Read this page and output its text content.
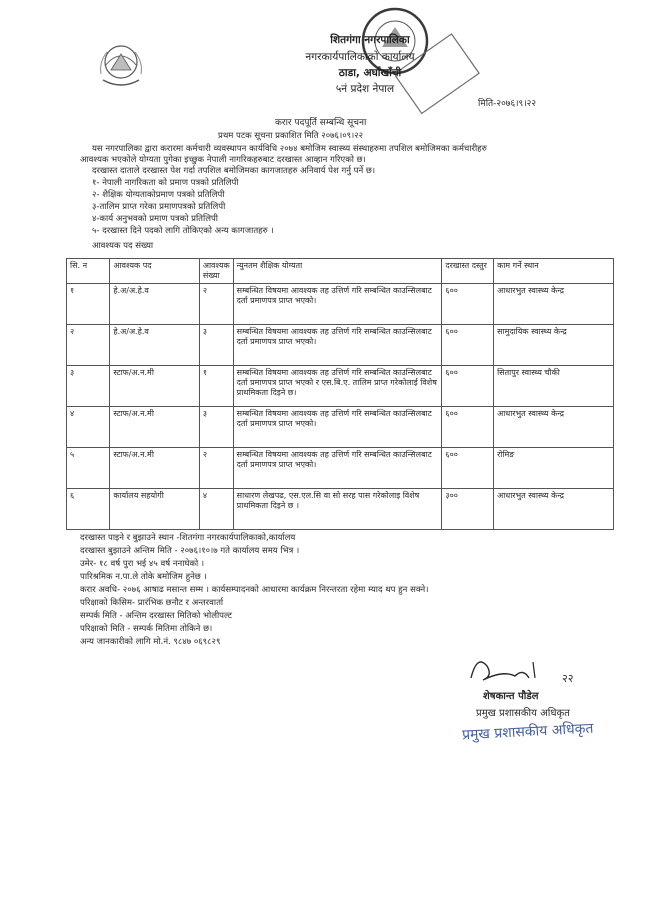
शितगंगा नगरपालिका
नगरकार्यपालिकाको कार्यालय
ठाडा, अर्घाखाँची
५नं प्रदेश नेपाल
मिति-२०७६।९।२२
करार पदपूर्ति सम्बन्धि सूचना
प्रथम पटक सूचना प्रकाशित मिति २०७६।०९।२२
यस नगरपालिका द्वारा करारमा कर्मचारी व्यवस्थापन कार्यविधि २०७४ बमोजिम स्वास्थ्य संस्थाहरुमा तपशिल बमोजिमका कर्मचारीहरु
आवश्यक भएकोले योग्यता पुगेका इच्छुक नेपाली नागरिकहरुबाट दरखास्त आव्हान गरिएको छ।
दरखास्त दाताले दरखास्त पेश गर्दा तपशिल बमोजिमका कागजातहरु अनिवार्य पेश गर्नु पर्ने छ।
१- नेपाली नागरिकता को प्रमाण पत्रको प्रतिलिपी
२- शैक्षिक योग्यताकोप्रमाण पत्रको प्रतिलिपी
३-तालिम प्राप्त गरेका प्रमाणपत्रको प्रतिलिपी
४-कार्य अनुभवको प्रमाण पत्रको प्रतिलिपी
५- दरखास्त दिने पदको लागि तोकिएको अन्य कागजातहरु ।
आवश्यक पद संख्या
सि. न	आवश्यक पद	आवश्यक संख्या	न्युनतम शैक्षिक योग्यता	दरखास्त दस्तुर	काम गर्ने स्थान
१	हे.अ/अ.हे.व	२	सम्बन्धित विषयमा आवश्यक तह उत्तिर्ण गरि सम्बन्धित काउन्सिलबाट दर्ता प्रमाणपत्र प्राप्त भएको।	६००	आधारभुत स्वास्थ्य केन्द्र
२	हे.अ/अ.हे.व	३	सम्बन्धित विषयमा आवश्यक तह उत्तिर्ण गरि सम्बन्धित काउन्सिलबाट दर्ता प्रमाणपत्र प्राप्त भएको।	६००	सामुदायिक स्वास्थ्य केन्द्र
३	स्टाफ/अ.न.मी	१	सम्बन्धित विषयमा आवश्यक तह उत्तिर्ण गरि सम्बन्धित काउन्सिलबाट दर्ता प्रमाणपत्र प्राप्त भएको र एस.बि.ए. तालिम प्राप्त गरेकोलाई विशेष प्राथमिकता दिइने छ।	६००	सितापुर स्वास्थ्य चौकी
४	स्टाफ/अ.न.मी	३	सम्बन्धित विषयमा आवश्यक तह उत्तिर्ण गरि सम्बन्धित काउन्सिलबाट दर्ता प्रमाणपत्र प्राप्त भएको।	६००	आधारभुत स्वास्थ्य केन्द्र
५	स्टाफ/अ.न.मी	२	सम्बन्धित विषयमा आवश्यक तह उत्तिर्ण गरि सम्बन्धित काउन्सिलबाट दर्ता प्रमाणपत्र प्राप्त भएको।	६००	रोमिङ
६	कार्यालय सहयोगी	४	साधारण लेखपढ, एस.एल.सि वा सो सरह पास गरेकोलाइ विशेष प्राथमिकता दिइने छ ।	३००	आधारभुत स्वास्थ्य केन्द्र
दरखास्त पाइने र बुझाउने स्थान -शितगंगा नगरकार्यपालिकाको,कार्यालय
दरखास्त बुझाउने अन्तिम मिति - २०७६।१०।७ गते कार्यालय समय भित्र ।
उमेर- १८ वर्ष पुरा भई ४५ वर्ष ननाघेको ।
पारिश्रमिक न.पा.ले तोके बमोजिम हुनेछ ।
करार अवधि- २०७६ आषाढ मसान्त सम्म । कार्यसम्पादनको आधारमा कार्यक्रम निरन्तरता रहेमा म्याद थप हुन सक्ने।
परिक्षाको किसिम- प्रारंभिक छनौट र अन्तरवार्ता
सम्पर्क मिति - अन्तिम दरखास्त मितिको भोलीपल्ट
परिक्षाको मिति - सम्पर्क मितिमा तोकिने छ।
अन्य जानकारीको लागि मो.नं. ९८४७ ०६९८२९
२२
शेषकान्त पौडेल
प्रमुख प्रशासकीय अधिकृत
प्रमुख प्रशासकीय अधिकृत
